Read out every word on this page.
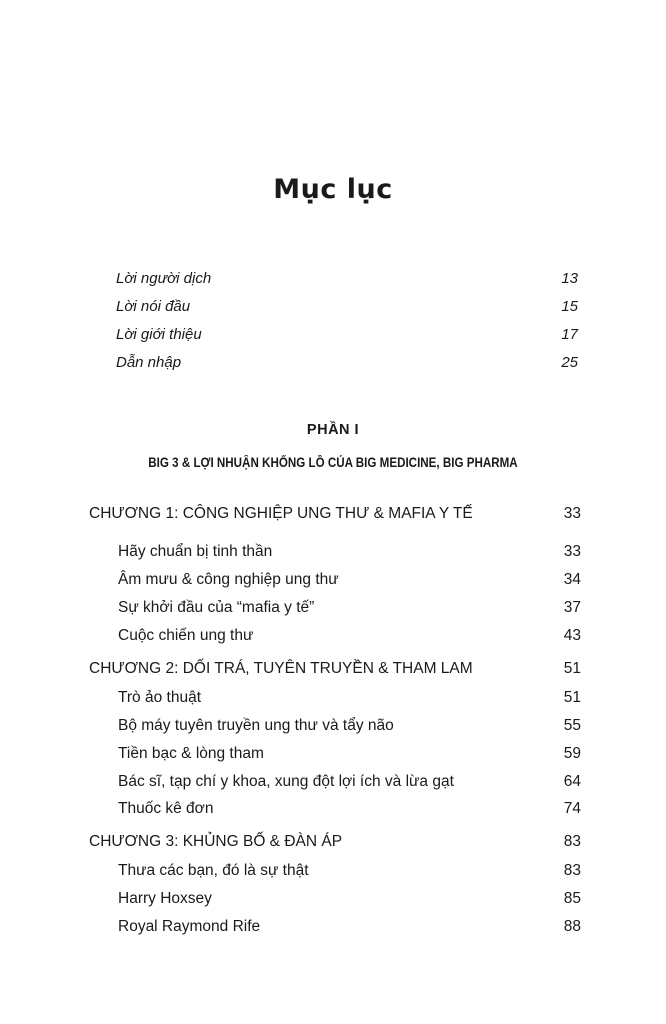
Mục lục
Lời người dịch	13
Lời nói đầu	15
Lời giới thiệu	17
Dẫn nhập	25
PHẦN I
BIG 3 & LỢI NHUẬN KHỔNG LỒ CỦA BIG MEDICINE, BIG PHARMA
CHƯƠNG 1: CÔNG NGHIỆP UNG THƯ & MAFIA Y TẾ	33
Hãy chuẩn bị tinh thần	33
Âm mưu & công nghiệp ung thư	34
Sự khởi đầu của “mafia y tế”	37
Cuộc chiến ung thư	43
CHƯƠNG 2: DỐI TRÁ, TUYÊN TRUYỀN & THAM LAM	51
Trò ảo thuật	51
Bộ máy tuyên truyền ung thư và tẩy não	55
Tiền bạc & lòng tham	59
Bác sĩ, tạp chí y khoa, xung đột lợi ích và lừa gạt	64
Thuốc kê đơn	74
CHƯƠNG 3: KHỦNG BỐ & ĐÀN ÁP	83
Thưa các bạn, đó là sự thật	83
Harry Hoxsey	85
Royal Raymond Rife	88
